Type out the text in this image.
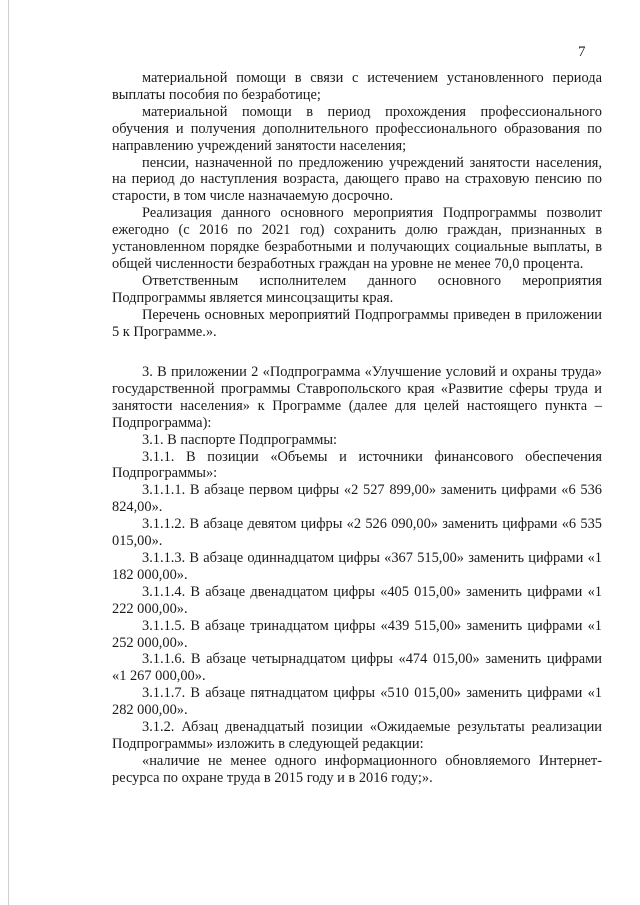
7

материальной помощи в связи с истечением установленного периода выплаты пособия по безработице;

материальной помощи в период прохождения профессионального обучения и получения дополнительного профессионального образования по направлению учреждений занятости населения;

пенсии, назначенной по предложению учреждений занятости населения, на период до наступления возраста, дающего право на страховую пенсию по старости, в том числе назначаемую досрочно.

Реализация данного основного мероприятия Подпрограммы позволит ежегодно (с 2016 по 2021 год) сохранить долю граждан, признанных в установленном порядке безработными и получающих социальные выплаты, в общей численности безработных граждан на уровне не менее 70,0 процента.

Ответственным исполнителем данного основного мероприятия Подпрограммы является минсоцзащиты края.

Перечень основных мероприятий Подпрограммы приведен в приложении 5 к Программе.».

3. В приложении 2 «Подпрограмма «Улучшение условий и охраны труда» государственной программы Ставропольского края «Развитие сферы труда и занятости населения» к Программе (далее для целей настоящего пункта – Подпрограмма):

3.1. В паспорте Подпрограммы:

3.1.1. В позиции «Объемы и источники финансового обеспечения Подпрограммы»:

3.1.1.1. В абзаце первом цифры «2 527 899,00» заменить цифрами «6 536 824,00».

3.1.1.2. В абзаце девятом цифры «2 526 090,00» заменить цифрами «6 535 015,00».

3.1.1.3. В абзаце одиннадцатом цифры «367 515,00» заменить цифрами «1 182 000,00».

3.1.1.4. В абзаце двенадцатом цифры «405 015,00» заменить цифрами «1 222 000,00».

3.1.1.5. В абзаце тринадцатом цифры «439 515,00» заменить цифрами «1 252 000,00».

3.1.1.6. В абзаце четырнадцатом цифры «474 015,00» заменить цифрами «1 267 000,00».

3.1.1.7. В абзаце пятнадцатом цифры «510 015,00» заменить цифрами «1 282 000,00».

3.1.2. Абзац двенадцатый позиции «Ожидаемые результаты реализации Подпрограммы» изложить в следующей редакции:

«наличие не менее одного информационного обновляемого Интернет-ресурса по охране труда в 2015 году и в 2016 году;».
